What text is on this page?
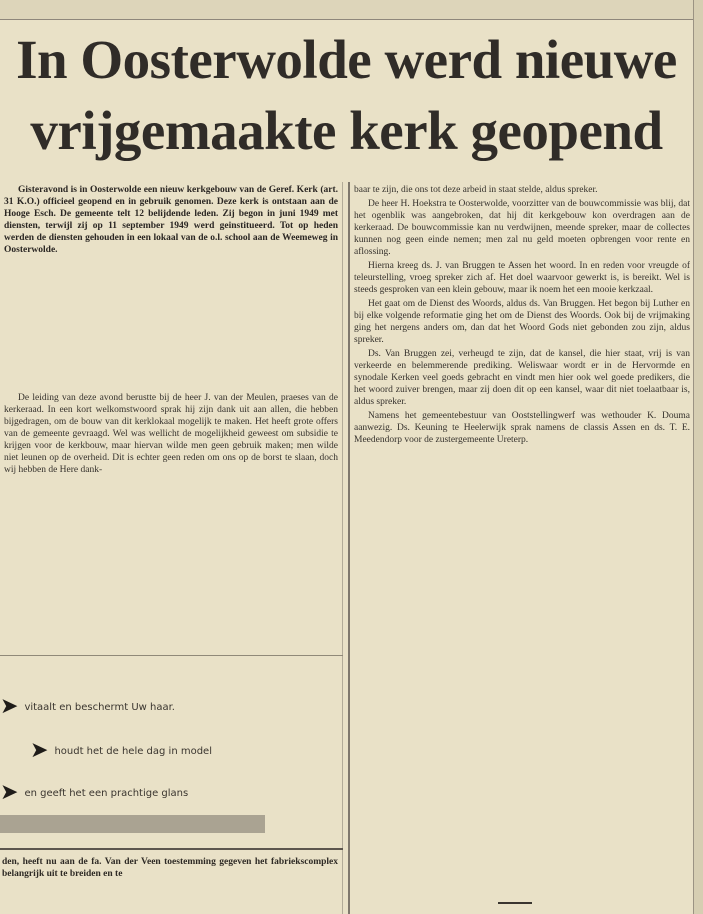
In Oosterwolde werd nieuwe
vrijgemaakte kerk geopend

Gisteravond is in Oosterwolde een nieuw kerkgebouw van de Geref. Kerk (art. 31 K.O.) officieel geopend en in gebruik genomen. Deze kerk is ontstaan aan de Hooge Esch. De gemeente telt 12 belijdende leden. Zij begon in juni 1949 met diensten, terwijl zij op 11 september 1949 werd geinstitueerd. Tot op heden werden de diensten gehouden in een lokaal van de o.l. school aan de Weemeweg in Oosterwolde.

De leiding van deze avond berustte bij de heer J. van der Meulen, praeses van de kerkeraad. In een kort welkomstwoord sprak hij zijn dank uit aan allen, die hebben bijgedragen, om de bouw van dit kerklokaal mogelijk te maken. Het heeft grote offers van de gemeente gevraagd. Wel was wellicht de mogelijkheid geweest om subsidie te krijgen voor de kerkbouw, maar hiervan wilde men geen gebruik maken; men wilde niet leunen op de overheid. Dit is echter geen reden om ons op de borst te slaan, doch wij hebben de Here dank-

baar te zijn, die ons tot deze arbeid in staat stelde, aldus spreker.

De heer H. Hoekstra te Oosterwolde, voorzitter van de bouwcommissie was blij, dat het ogenblik was aangebroken, dat hij dit kerkgebouw kon overdragen aan de kerkeraad. De bouwcommissie kan nu verdwijnen, meende spreker, maar de collectes kunnen nog geen einde nemen; men zal nu geld moeten opbrengen voor rente en aflossing.

Hierna kreeg ds. J. van Bruggen te Assen het woord. In en reden voor vreugde of teleurstelling, vroeg spreker zich af. Het doel waarvoor gewerkt is, is bereikt. Wel is steeds gesproken van een klein gebouw, maar ik noem het een mooie kerkzaal.

Het gaat om de Dienst des Woords, aldus ds. Van Bruggen. Het begon bij Luther en bij elke volgende reformatie ging het om de Dienst des Woords. Ook bij de vrijmaking ging het nergens anders om, dan dat het Woord Gods niet gebonden zou zijn, aldus spreker.

Ds. Van Bruggen zei, verheugd te zijn, dat de kansel, die hier staat, vrij is van verkeerde en belemmerende prediking. Weliswaar wordt er in de Hervormde en synodale Kerken veel goeds gebracht en vindt men hier ook wel goede predikers, die het woord zuiver brengen, maar zij doen dit op een kansel, waar dit niet toelaatbaar is, aldus spreker.

Namens het gemeentebestuur van Ooststellingwerf was wethouder K. Douma aanwezig. Ds. Keuning te Heelerwijk sprak namens de classis Assen en ds. T. E. Meedendorp voor de zustergemeente Ureterp.

➤ vitaalt en beschermt Uw haar.
➤ houdt het de hele dag in model
➤ en geeft het een prachtige glans
den, heeft nu aan de fa. Van der Veen toestemming gegeven het fabriekscomplex belangrijk uit te breiden en te
